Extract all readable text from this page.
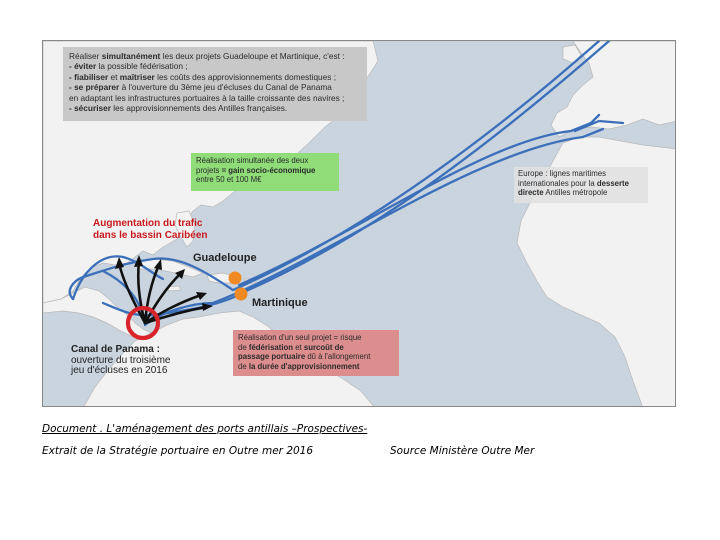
Réaliser simultanément les deux projets Guadeloupe et Martinique, c'est :
- éviter la possible fédérisation ;
- fiabiliser et maîtriser les coûts des approvisionnements domestiques ;
- se préparer à l'ouverture du 3ème jeu d'écluses du Canal de Panama
en adaptant les infrastructures portuaires à la taille croissante des navires ;
- sécuriser les approvisionnements des Antilles françaises.
Réalisation simultanée des deux
projets = gain socio-économique
entre 50 et 100 M€
Réalisation d'un seul projet = risque
de fédérisation et surcoût de
passage portuaire dû à l'allongement
de la durée d'approvisionnement
Europe : lignes maritimes
internationales pour la desserte
directe Antilles métropole
Augmentation du trafic
dans le bassin Caribéen
Guadeloupe
Martinique
Canal de Panama :
ouverture du troisième
jeu d'écluses en 2016
Document . L'aménagement des ports antillais –Prospectives-
Extrait de la Stratégie portuaire en Outre mer 2016	Source Ministère Outre Mer
